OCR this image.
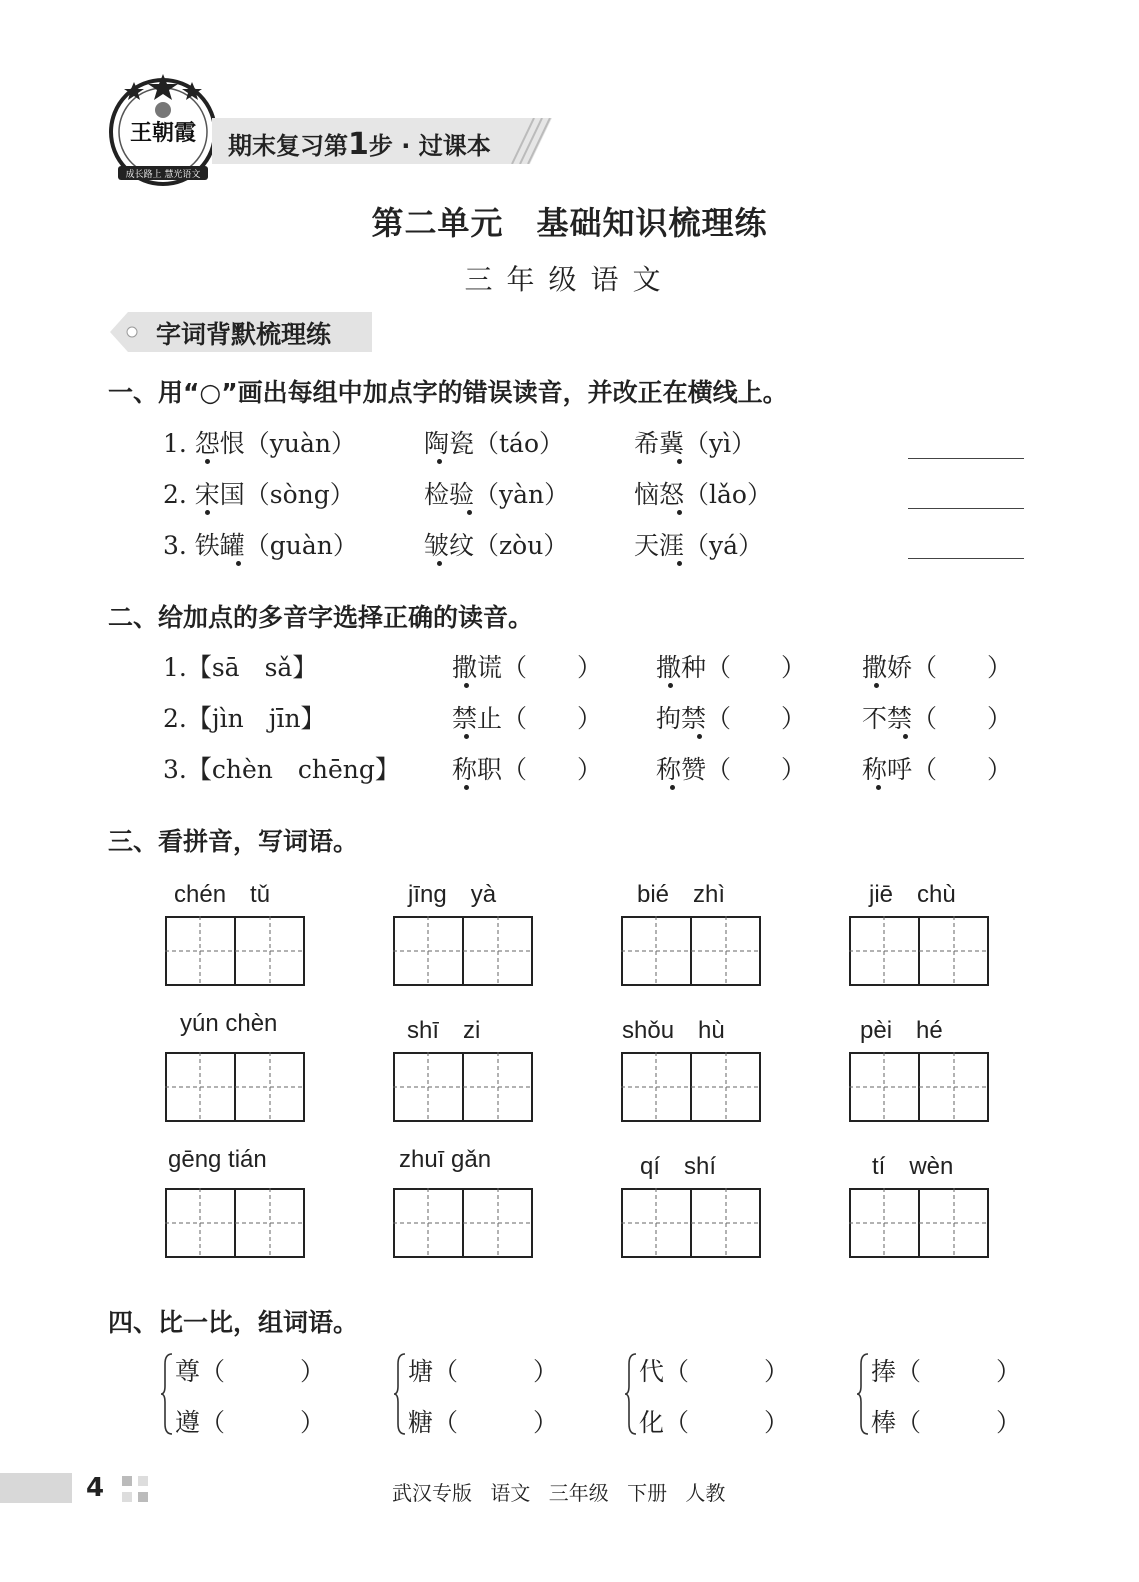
王朝霞
成长路上 慧光语文
期末复习第1步 · 过课本
第二单元　基础知识梳理练
三年级语文
字词背默梳理练
一、用“○”画出每组中加点字的错误读音，并改正在横线上。
1. 怨恨（yuàn）	陶瓷（táo）	希冀（yì）
2. 宋国（sòng）	检验（yàn）	恼怒（lǎo）
3. 铁罐（guàn）	皱纹（zòu）	天涯（yá）
二、给加点的多音字选择正确的读音。
1.【sā　sǎ】	撒谎（　　） 撒种（　　） 撒娇（　　）
2.【jìn　jīn】	禁止（　　） 拘禁（　　） 不禁（　　）
3.【chèn　chēng】 称职（　　） 称赞（　　） 称呼（　　）
三、看拼音，写词语。
chén　tǔ	jīng　yà	bié　zhì	jiē　chù
yún chèn	shī　zi	shǒu　hù	pèi　hé
gēng tián	zhuī gǎn	qí　shí	tí　wèn
四、比一比，组词语。
尊（　　　）
遵（　　　）
塘（　　　）
糖（　　　）
代（　　　）
化（　　　）
捧（　　　）
棒（　　　）
4	武汉专版 语文 三年级 下册 人教
